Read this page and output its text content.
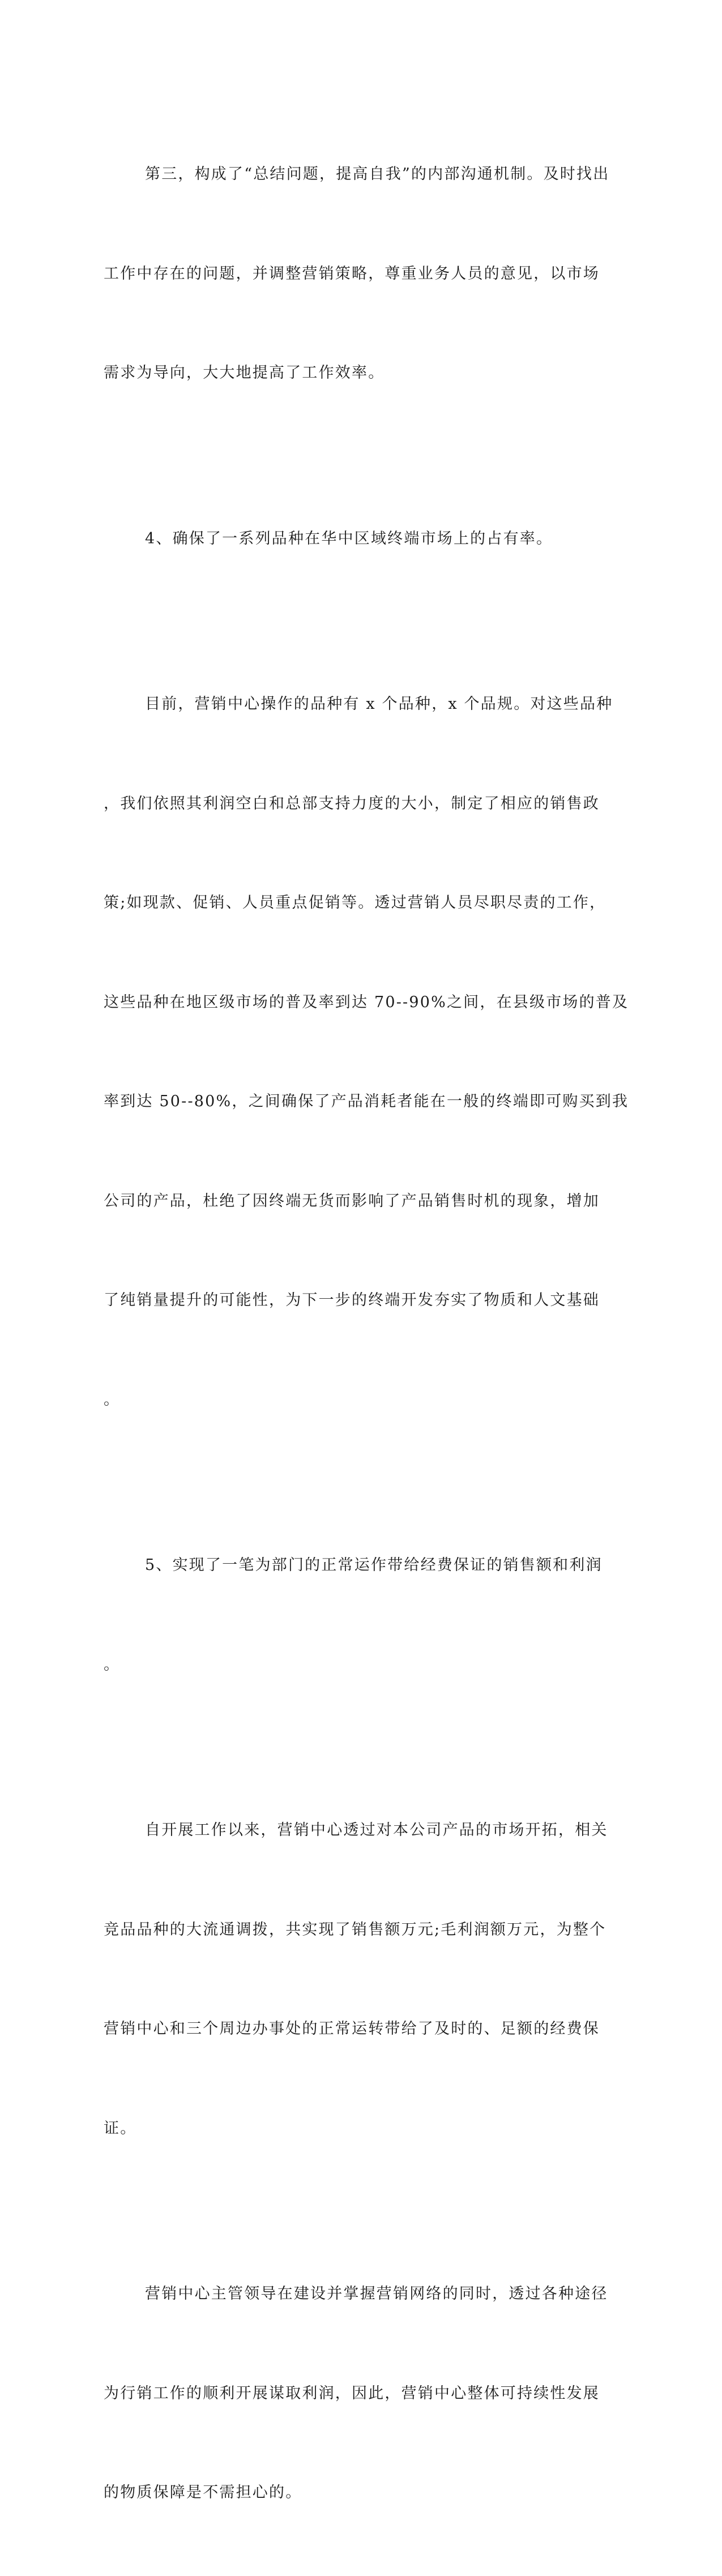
第三，构成了“总结问题，提高自我”的内部沟通机制。及时找出

工作中存在的问题，并调整营销策略，尊重业务人员的意见，以市场

需求为导向，大大地提高了工作效率。

4、确保了一系列品种在华中区域终端市场上的占有率。

目前，营销中心操作的品种有 x 个品种，x 个品规。对这些品种

，我们依照其利润空白和总部支持力度的大小，制定了相应的销售政

策;如现款、促销、人员重点促销等。透过营销人员尽职尽责的工作，

这些品种在地区级市场的普及率到达 70--90%之间，在县级市场的普及

率到达 50--80%，之间确保了产品消耗者能在一般的终端即可购买到我

公司的产品，杜绝了因终端无货而影响了产品销售时机的现象，增加

了纯销量提升的可能性，为下一步的终端开发夯实了物质和人文基础

。

5、实现了一笔为部门的正常运作带给经费保证的销售额和利润

。

自开展工作以来，营销中心透过对本公司产品的市场开拓，相关

竞品品种的大流通调拨，共实现了销售额万元;毛利润额万元，为整个

营销中心和三个周边办事处的正常运转带给了及时的、足额的经费保

证。

营销中心主管领导在建设并掌握营销网络的同时，透过各种途径

为行销工作的顺利开展谋取利润，因此，营销中心整体可持续性发展

的物质保障是不需担心的。
